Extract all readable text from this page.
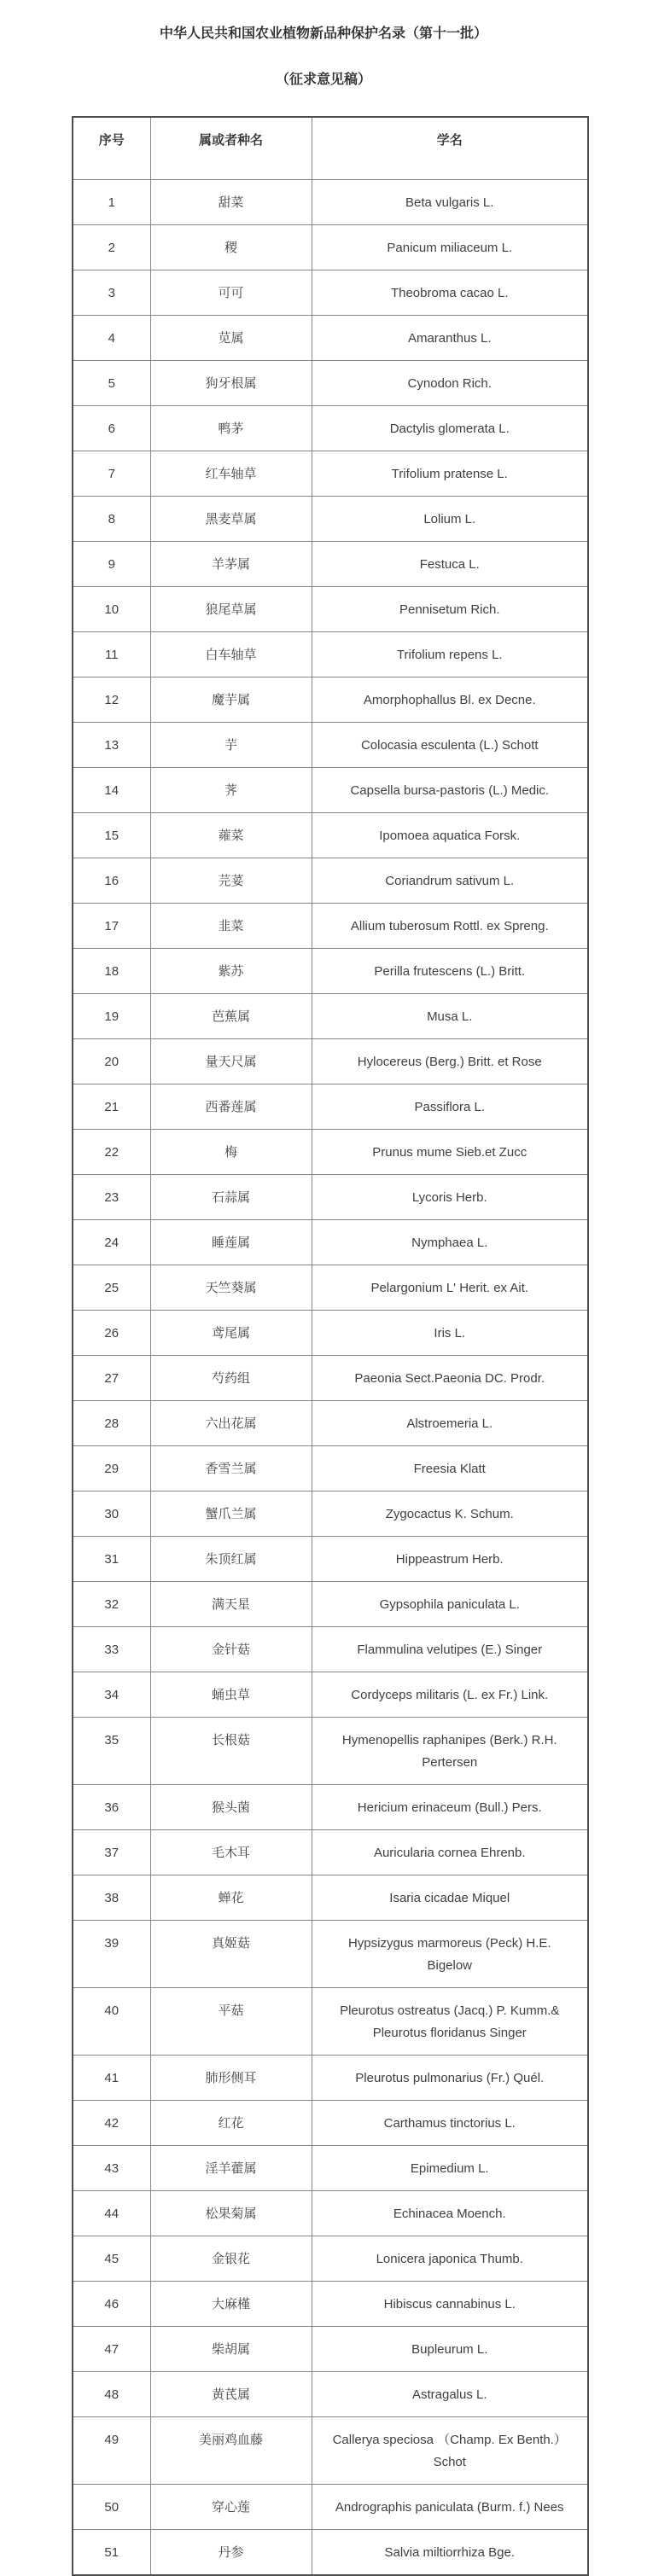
中华人民共和国农业植物新品种保护名录（第十一批）
（征求意见稿）
序号	属或者种名	学名
1	甜菜	Beta vulgaris L.
2	稷	Panicum miliaceum L.
3	可可	Theobroma cacao L.
4	苋属	Amaranthus L.
5	狗牙根属	Cynodon Rich.
6	鸭茅	Dactylis glomerata L.
7	红车轴草	Trifolium pratense L.
8	黑麦草属	Lolium L.
9	羊茅属	Festuca L.
10	狼尾草属	Pennisetum Rich.
11	白车轴草	Trifolium repens L.
12	魔芋属	Amorphophallus Bl. ex Decne.
13	芋	Colocasia esculenta (L.) Schott
14	荠	Capsella bursa-pastoris (L.) Medic.
15	蕹菜	Ipomoea aquatica Forsk.
16	芫荽	Coriandrum sativum L.
17	韭菜	Allium tuberosum Rottl. ex Spreng.
18	紫苏	Perilla frutescens (L.) Britt.
19	芭蕉属	Musa L.
20	量天尺属	Hylocereus (Berg.) Britt. et Rose
21	西番莲属	Passiflora L.
22	梅	Prunus mume Sieb.et Zucc
23	石蒜属	Lycoris Herb.
24	睡莲属	Nymphaea L.
25	天竺葵属	Pelargonium L' Herit. ex Ait.
26	鸢尾属	Iris L.
27	芍药组	Paeonia Sect.Paeonia DC. Prodr.
28	六出花属	Alstroemeria L.
29	香雪兰属	Freesia Klatt
30	蟹爪兰属	Zygocactus K. Schum.
31	朱顶红属	Hippeastrum Herb.
32	满天星	Gypsophila paniculata L.
33	金针菇	Flammulina velutipes (E.) Singer
34	蛹虫草	Cordyceps militaris (L. ex Fr.) Link.
35	长根菇	Hymenopellis raphanipes (Berk.) R.H. Pertersen
36	猴头菌	Hericium erinaceum (Bull.) Pers.
37	毛木耳	Auricularia cornea Ehrenb.
38	蝉花	Isaria cicadae Miquel
39	真姬菇	Hypsizygus marmoreus (Peck) H.E. Bigelow
40	平菇	Pleurotus ostreatus (Jacq.) P. Kumm.& Pleurotus floridanus Singer
41	肺形侧耳	Pleurotus pulmonarius (Fr.) Quél.
42	红花	Carthamus tinctorius L.
43	淫羊藿属	Epimedium L.
44	松果菊属	Echinacea Moench.
45	金银花	Lonicera japonica Thumb.
46	大麻槿	Hibiscus cannabinus L.
47	柴胡属	Bupleurum L.
48	黄芪属	Astragalus L.
49	美丽鸡血藤	Callerya speciosa （Champ. Ex Benth.）Schot
50	穿心莲	Andrographis paniculata (Burm. f.) Nees
51	丹参	Salvia miltiorrhiza Bge.
